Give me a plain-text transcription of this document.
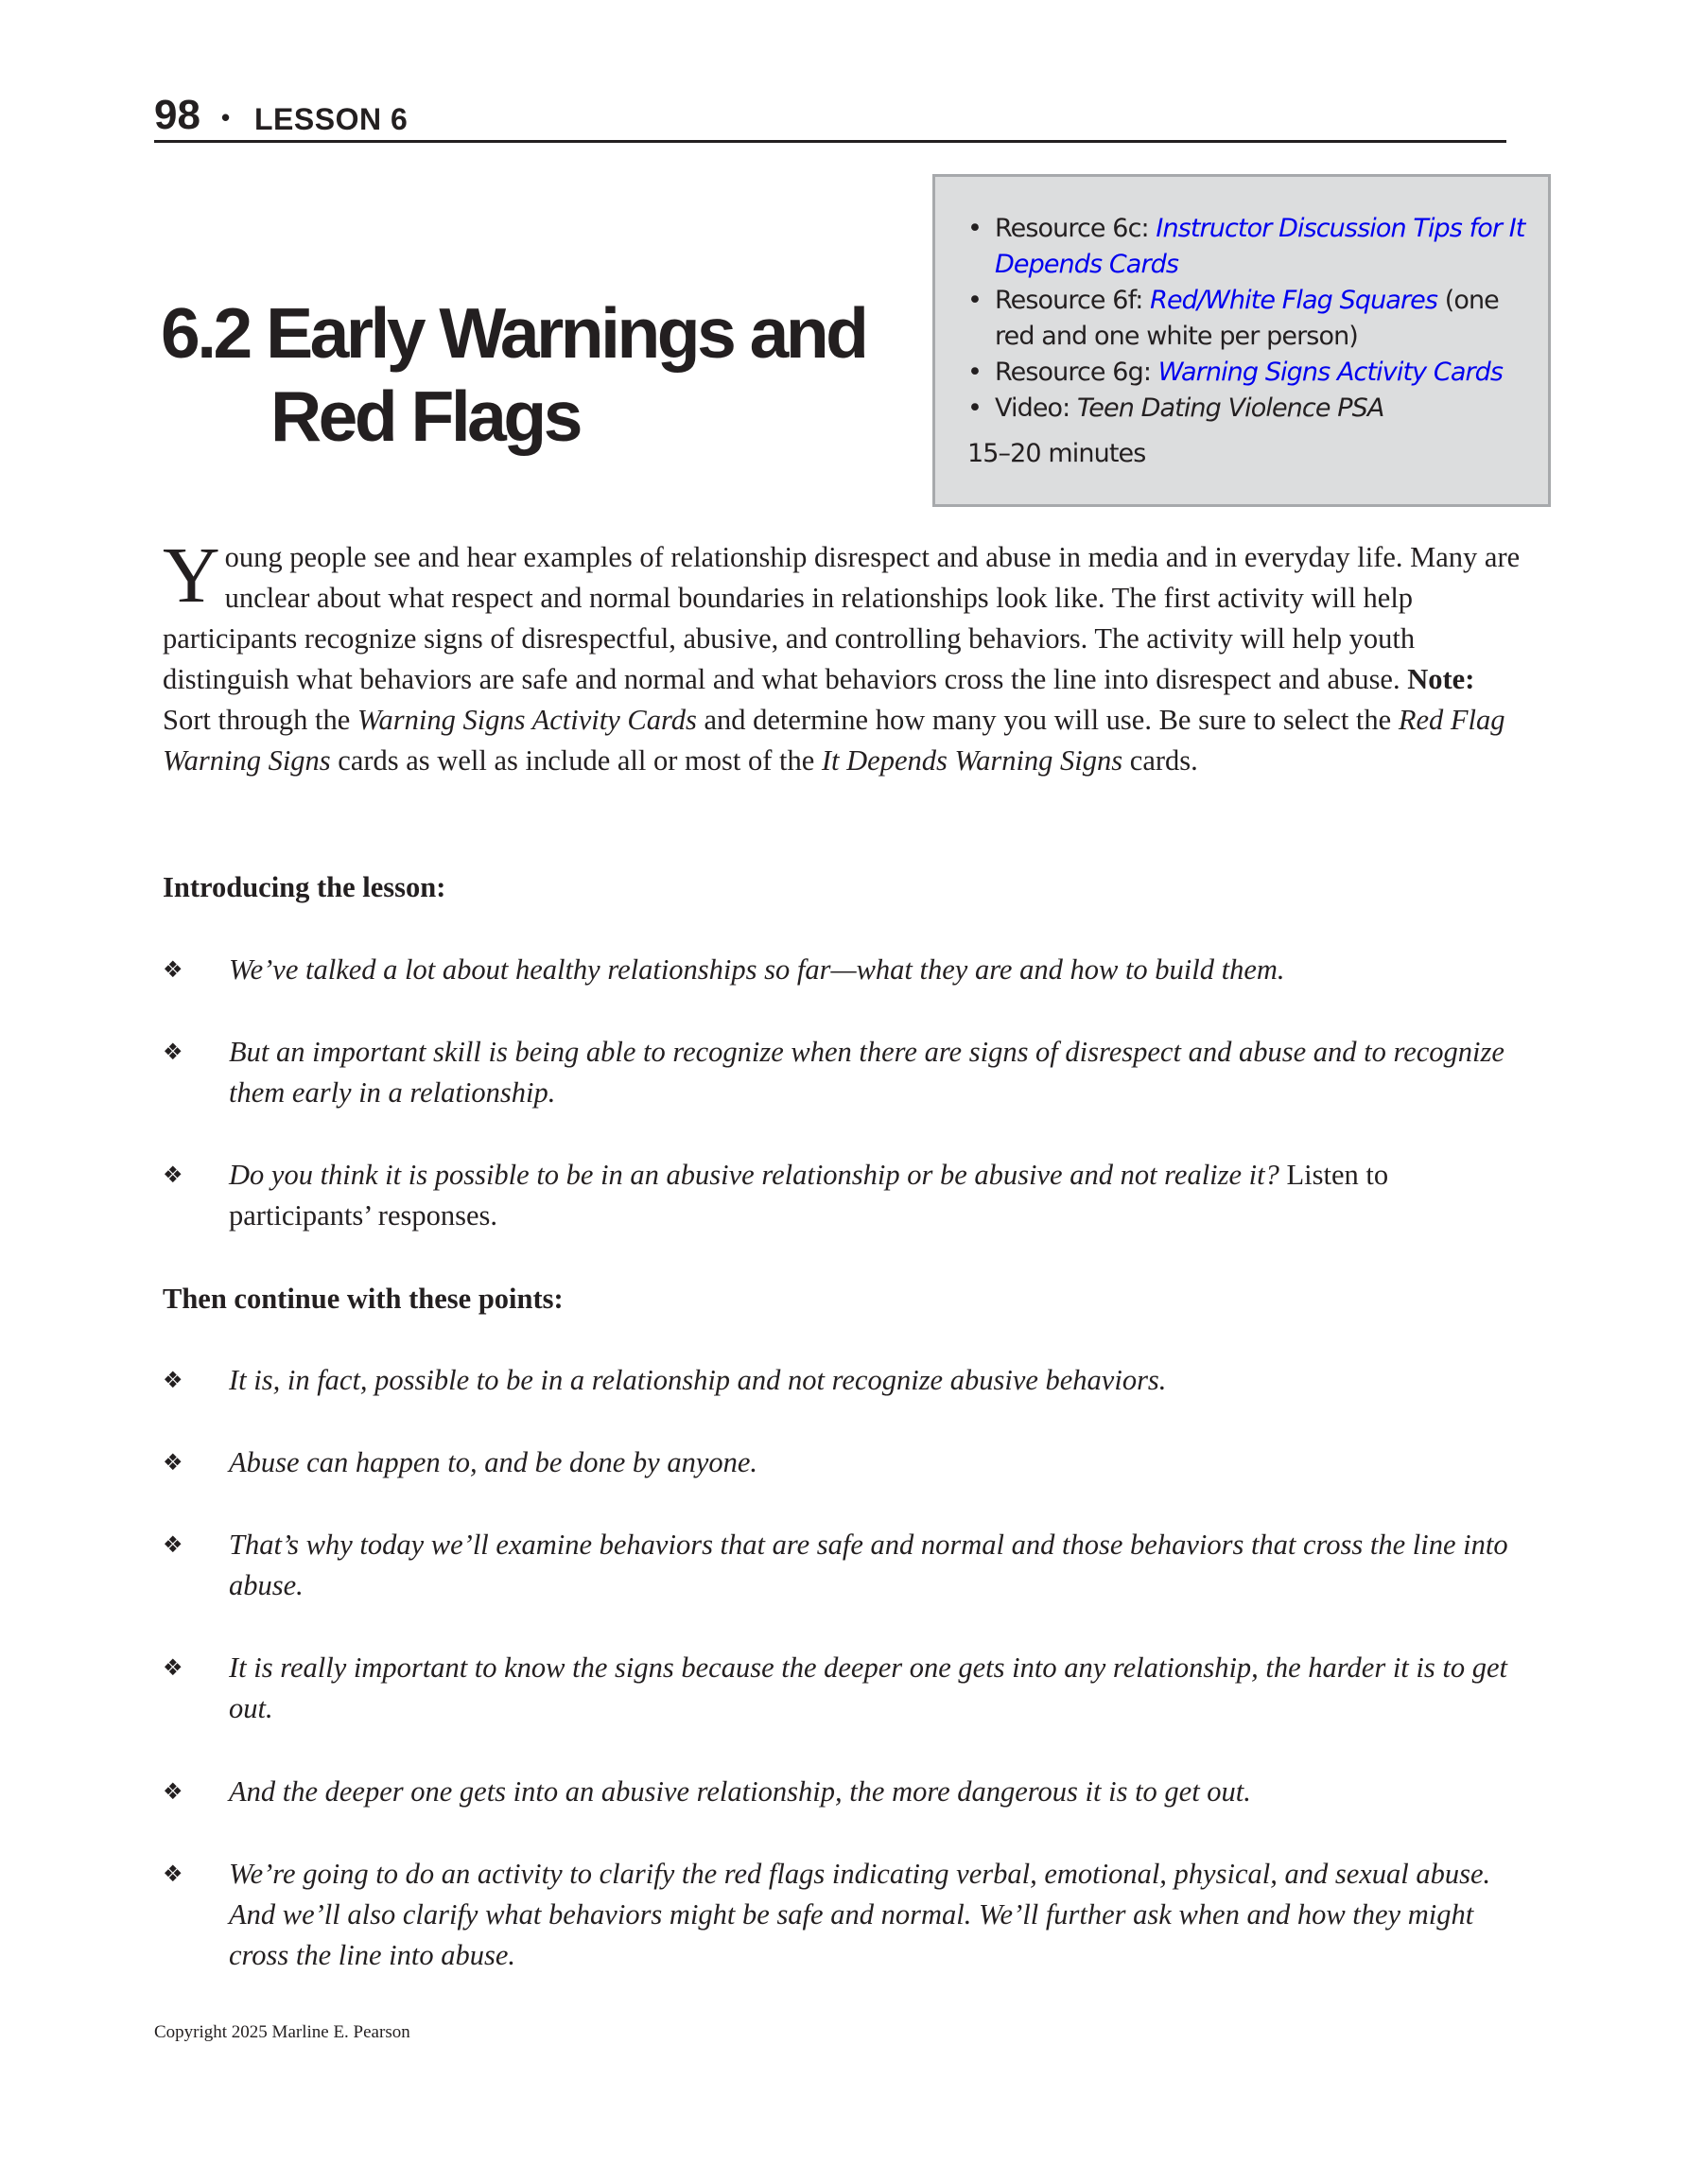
98 • LESSON 6
6.2 Early Warnings and
Red Flags
• Resource 6c: Instructor Discussion Tips for It Depends Cards
• Resource 6f: Red/White Flag Squares (one red and one white per person)
• Resource 6g: Warning Signs Activity Cards
• Video: Teen Dating Violence PSA
15–20 minutes

Young people see and hear examples of relationship disrespect and abuse in media and in everyday life. Many are unclear about what respect and normal boundaries in relationships look like. The first activity will help participants recognize signs of disrespectful, abusive, and controlling behaviors. The activity will help youth distinguish what behaviors are safe and normal and what behaviors cross the line into disrespect and abuse. Note: Sort through the Warning Signs Activity Cards and determine how many you will use. Be sure to select the Red Flag Warning Signs cards as well as include all or most of the It Depends Warning Signs cards.

Introducing the lesson:
❖ We’ve talked a lot about healthy relationships so far—what they are and how to build them.
❖ But an important skill is being able to recognize when there are signs of disrespect and abuse and to recognize them early in a relationship.
❖ Do you think it is possible to be in an abusive relationship or be abusive and not realize it? Listen to participants’ responses.
Then continue with these points:
❖ It is, in fact, possible to be in a relationship and not recognize abusive behaviors.
❖ Abuse can happen to, and be done by anyone.
❖ That’s why today we’ll examine behaviors that are safe and normal and those behaviors that cross the line into abuse.
❖ It is really important to know the signs because the deeper one gets into any relationship, the harder it is to get out.
❖ And the deeper one gets into an abusive relationship, the more dangerous it is to get out.
❖ We’re going to do an activity to clarify the red flags indicating verbal, emotional, physical, and sexual abuse. And we’ll also clarify what behaviors might be safe and normal. We’ll further ask when and how they might cross the line into abuse.
Copyright 2025 Marline E. Pearson
